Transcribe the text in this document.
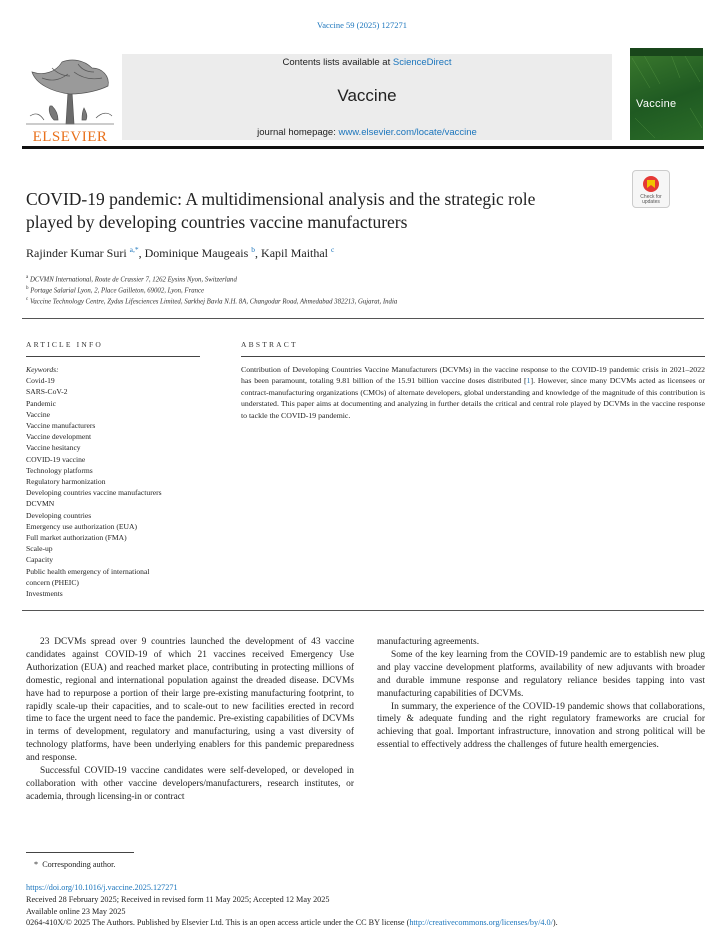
Vaccine 59 (2025) 127271
ELSEVIER
Contents lists available at ScienceDirect
Vaccine
journal homepage: www.elsevier.com/locate/vaccine
Vaccine
Check for updates
COVID-19 pandemic: A multidimensional analysis and the strategic role
played by developing countries vaccine manufacturers
Rajinder Kumar Suri $^{a,*}$, Dominique Maugeais $^b$, Kapil Maithal $^c$
$^a$ DCVMN International, Route de Crassier 7, 1262 Eysins Nyon, Switzerland
$^b$ Portage Salarial Lyon, 2, Place Gailleton, 69002, Lyon, France
$^c$ Vaccine Technology Centre, Zydus Lifesciences Limited, Sarkhej Bavla N.H. 8A, Changodar Road, Ahmedabad 382213, Gujarat, India
ARTICLE INFO
Keywords:
Covid-19
SARS-CoV-2
Pandemic
Vaccine
Vaccine manufacturers
Vaccine development
Vaccine hesitancy
COVID-19 vaccine
Technology platforms
Regulatory harmonization
Developing countries vaccine manufacturers
DCVMN
Developing countries
Emergency use authorization (EUA)
Full market authorization (FMA)
Scale-up
Capacity
Public health emergency of international
concern (PHEIC)
Investments
ABSTRACT
Contribution of Developing Countries Vaccine Manufacturers (DCVMs) in the vaccine response to the COVID-19 pandemic crisis in 2021–2022 has been paramount, totaling 9.81 billion of the 15.91 billion vaccine doses distributed [1]. However, since many DCVMs acted as licensees or contract-manufacturing organizations (CMOs) of alternate developers, global understanding and knowledge of the magnitude of this contribution is understated. This paper aims at documenting and analyzing in further details the critical and central role played by DCVMs in the vaccine response to tackle the COVID-19 pandemic.

23 DCVMs spread over 9 countries launched the development of 43 vaccine candidates against COVID-19 of which 21 vaccines received Emergency Use Authorization (EUA) and reached market place, contributing in protecting millions of domestic, regional and international population against the dreaded disease. DCVMs have had to repurpose a portion of their large pre-existing manufacturing footprint, to rapidly scale-up their capacities, and to scale-out to new facilities erected in record time to face the urgent need to face the pandemic. Pre-existing capabilities of DCVMs in terms of development, regulatory and manufacturing, using a vast diversity of technology platforms, have been underlying enablers for this pandemic preparedness and response.

Successful COVID-19 vaccine candidates were self-developed, or developed in collaboration with other vaccine developers/manufacturers, research institutes, or academia, through licensing-in or contract

manufacturing agreements.

Some of the key learning from the COVID-19 pandemic are to establish new plug and play vaccine development platforms, availability of new adjuvants with broader and durable immune response and regulatory reliance besides tapping into vast manufacturing capabilities of DCVMs.

In summary, the experience of the COVID-19 pandemic shows that collaborations, timely & adequate funding and the right regulatory frameworks are crucial for achieving that goal. Important infrastructure, innovation and strong political will be essential to effectively address the challenges of future health emergencies.

* Corresponding author.
https://doi.org/10.1016/j.vaccine.2025.127271
Received 28 February 2025; Received in revised form 11 May 2025; Accepted 12 May 2025
Available online 23 May 2025
0264-410X/© 2025 The Authors. Published by Elsevier Ltd. This is an open access article under the CC BY license (http://creativecommons.org/licenses/by/4.0/).
